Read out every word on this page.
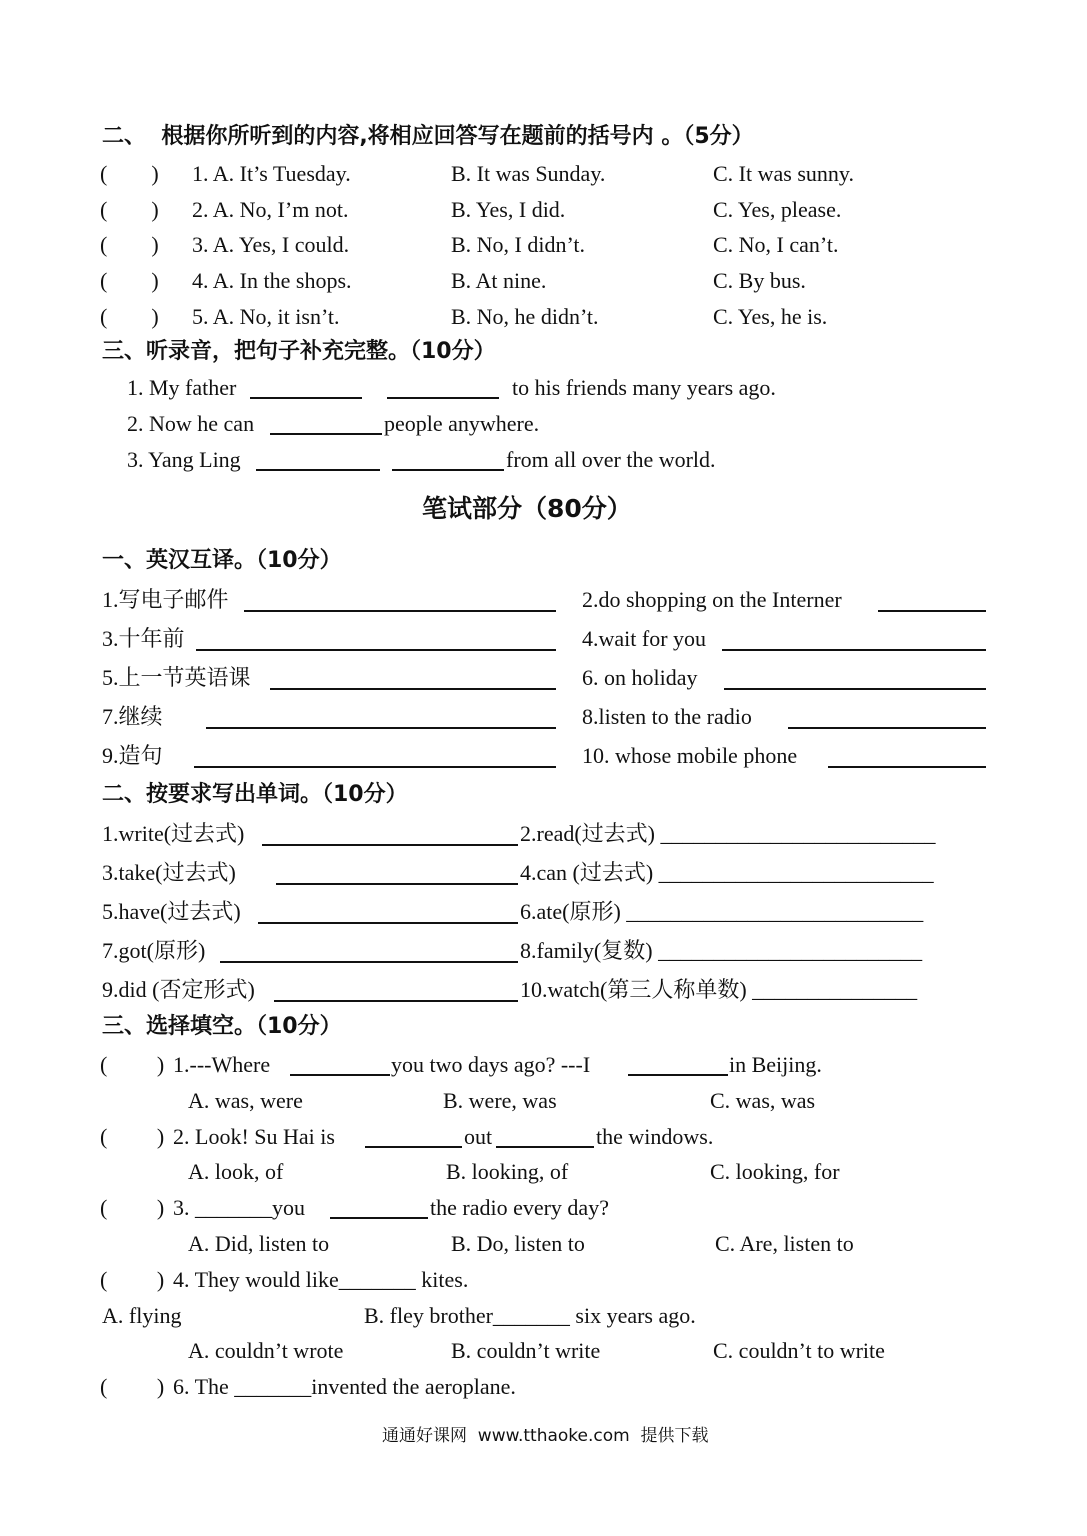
二、  根据你所听到的内容,将相应回答写在题前的括号内 。（5分）
(        ) 1. A. It’s Tuesday.	B. It was Sunday.	C. It was sunny.
(        ) 2. A. No, I’m not.	B. Yes, I did.	C. Yes, please.
(        ) 3. A. Yes, I could.	B. No, I didn’t.	C. No, I can’t.
(        ) 4. A. In the shops.	B. At nine.	C. By bus.
(        ) 5. A. No, it isn’t.	B. No, he didn’t.	C. Yes, he is.
三、听录音，把句子补充完整。（10分）
1. My father	to his friends many years ago.
2. Now he can	people anywhere.
3. Yang Ling	from all over the world.
笔试部分（80分）
一、英汉互译。（10分）
1.写电子邮件	2.do shopping on the Interner
3.十年前	4.wait for you
5.上一节英语课	6. on holiday
7.继续	8.listen to the radio
9.造句	10. whose mobile phone
二、按要求写出单词。（10分）
1.write(过去式)	2.read(过去式) _________________________
3.take(过去式)	4.can (过去式) _________________________
5.have(过去式)	6.ate(原形) ___________________________
7.got(原形)	8.family(复数) ________________________
9.did (否定形式)	10.watch(第三人称单数) _______________
三、选择填空。（10分）
(         ) 1.---Where	you two days ago? ---I	in Beijing.
A. was, were	B. were, was	C. was, was
(         ) 2. Look! Su Hai is	out	the windows.
A. look, of	B. looking, of	C. looking, for
(         ) 3. _______you	the radio every day?
A. Did, listen to	B. Do, listen to	C. Are, listen to
(         ) 4. They would like_______ kites.
A. flying	B. fley brother_______ six years ago.
A. couldn’t wrote	B. couldn’t write	C. couldn’t to write
(         ) 6. The _______invented the aeroplane.
通通好课网  www.tthaoke.com  提供下载
